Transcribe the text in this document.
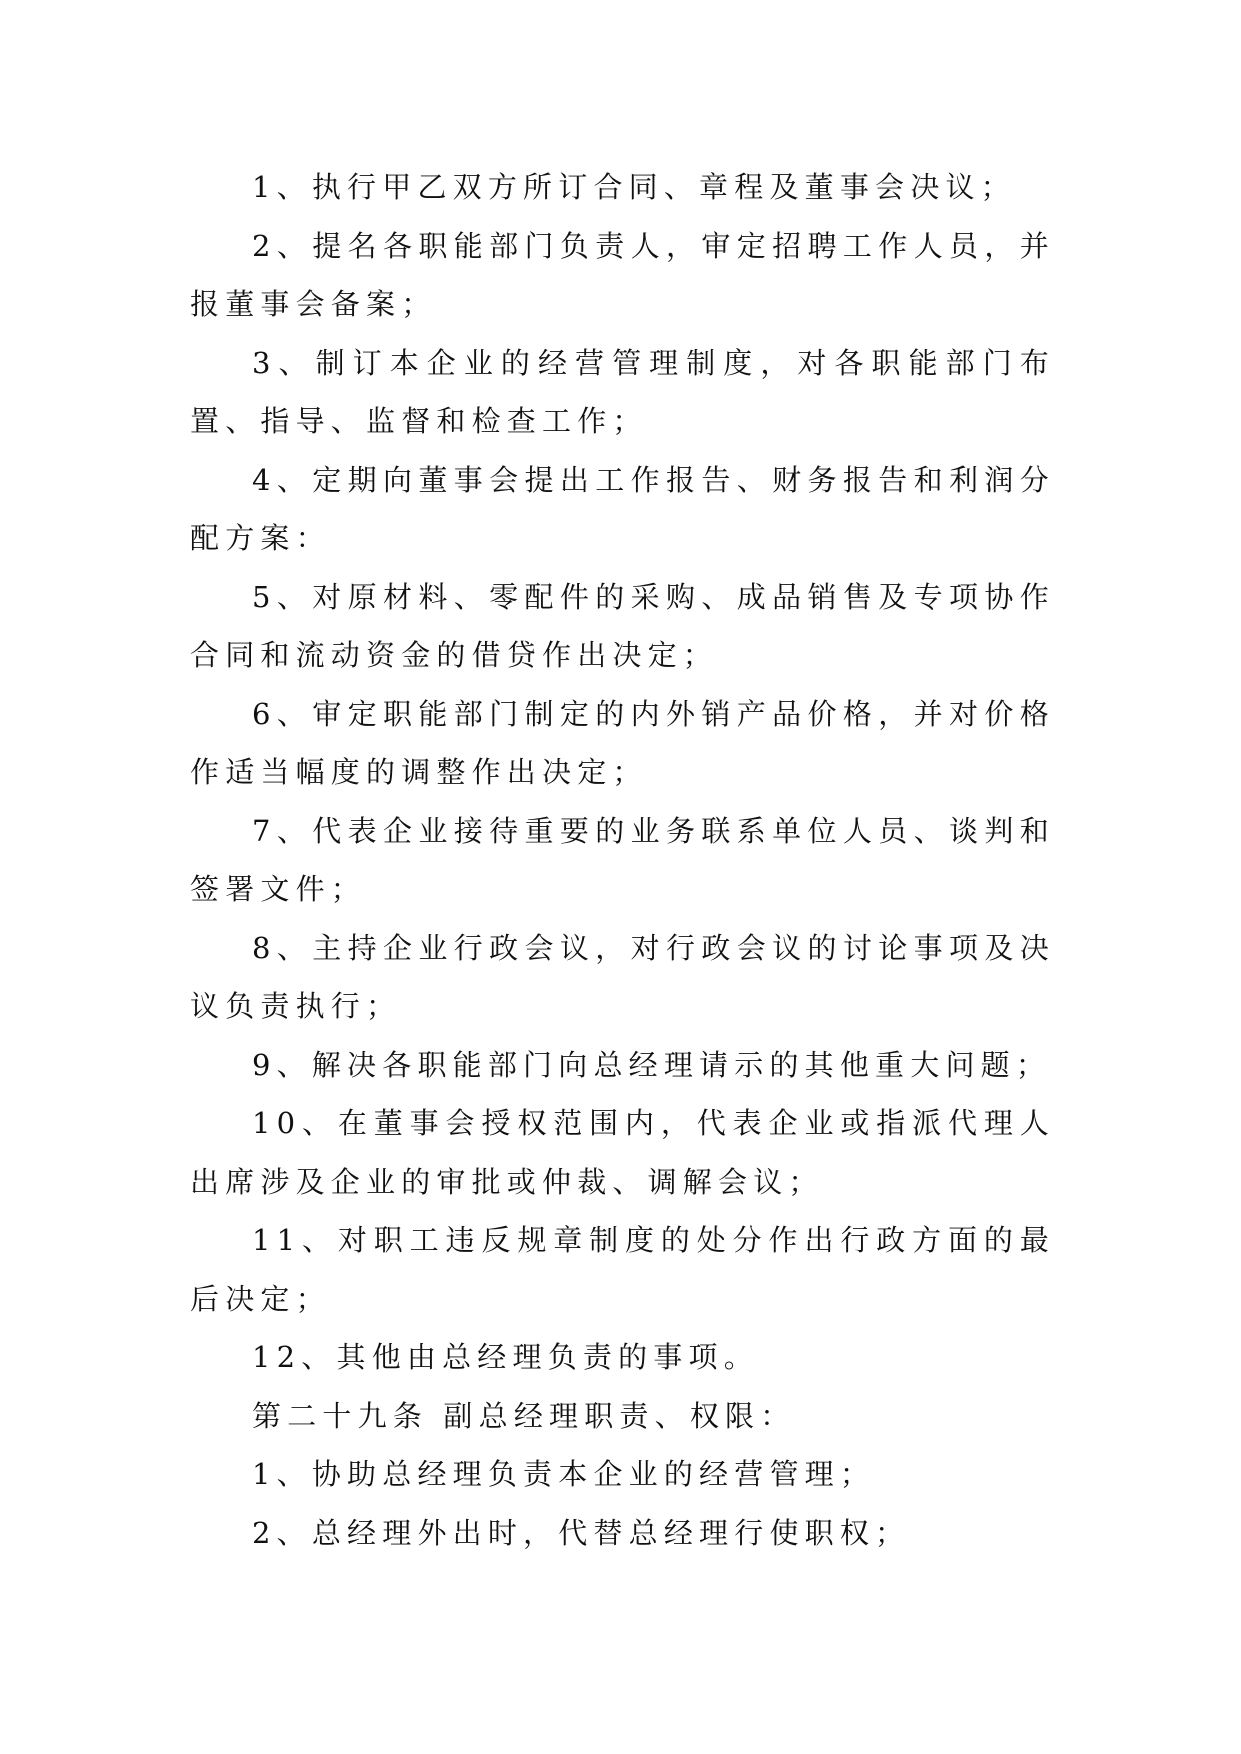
1、执行甲乙双方所订合同、章程及董事会决议；

2、提名各职能部门负责人，审定招聘工作人员，并报董事会备案；

3、制订本企业的经营管理制度，对各职能部门布置、指导、监督和检查工作；

4、定期向董事会提出工作报告、财务报告和利润分配方案：

5、对原材料、零配件的采购、成品销售及专项协作合同和流动资金的借贷作出决定；

6、审定职能部门制定的内外销产品价格，并对价格作适当幅度的调整作出决定；

7、代表企业接待重要的业务联系单位人员、谈判和签署文件；

8、主持企业行政会议，对行政会议的讨论事项及决议负责执行；

9、解决各职能部门向总经理请示的其他重大问题；

10、在董事会授权范围内，代表企业或指派代理人出席涉及企业的审批或仲裁、调解会议；

11、对职工违反规章制度的处分作出行政方面的最后决定；

12、其他由总经理负责的事项。

第二十九条 副总经理职责、权限：

1、协助总经理负责本企业的经营管理；

2、总经理外出时，代替总经理行使职权；
